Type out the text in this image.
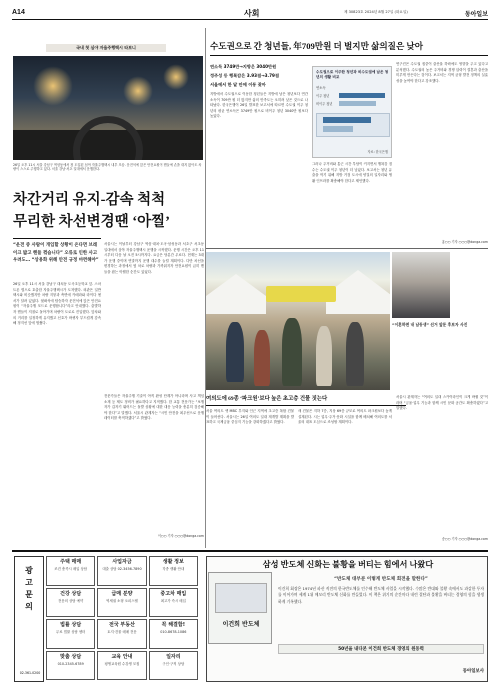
A14	사회	제 30823호 2024년 8월 27일 (화요일)	동아일보
국내 첫 심야 자율주행택시 타보니
26일 오후 11시 서울 강남구 역삼동에서 첫 도입된 심야 자율주행택시 내부 모습. 운전석에 앉은 안전요원이 핸들에 손을 대지 않아도 차량이 스스로 주행하고 있다. 서울 강남·서초 일대에서 운행한다.
차간거리 유지-감속 척척
무리한 차선변경땐 ‘아찔’
“운전 중 사람이 개입할 상황이 온다면 브레이크 밟고 핸들 꺾습니다” 오류로 인한 사고 우려도… “상용화 위해 안전 규정 마련해야”
26일 오후 11시 서울 강남구 대치동 도곡초등학교 앞. 스마트폰 앱으로 호출한 자율주행택시가 도착했다. 외관은 일반 택시와 비슷했지만 차량 지붕과 측면에 카메라와 라이다 센서가 달려 있었다. 뒷좌석에 탑승하자 운전석에 앉은 안전요원이 “자율주행 모드로 운행합니다”라고 안내했다. 출발하자 핸들이 저절로 돌아가며 차량이 도로로 진입했다. 앞차와의 거리를 일정하게 유지했고 신호가 바뀌자 부드럽게 감속해 정지선 앞에 멈췄다.
서울시는 이날부터 강남구 역삼·대치·도곡·삼성동과 서초구 서초동 일대에서 심야 자율주행택시 운행을 시작했다. 운행 시간은 오후 11시부터 다음 날 오전 5시까지다. 요금은 당분간 무료다. 현재는 3대가 운행 중이며 연말까지 운행 대수를 늘릴 계획이다. 다만 차선을 변경하는 과정에서 옆 차로 차량과 가까워지자 안전요원이 급히 핸들을 잡는 아찔한 순간도 있었다.
전문가들은 자율주행 기술이 아직 완성 단계가 아니라며 사고 책임 소재 등 제도 정비가 필요하다고 지적했다. 한 교통 전문가는 “보행자가 갑자기 뛰어드는 돌발 상황에 대한 대응 능력을 충분히 검증해야 한다”고 말했다. 서울시 관계자는 “시민 안전을 최우선으로 운행 데이터를 축적하겠다”고 밝혔다.
이○○ 기자 ○○○@donga.com
수도권으로 간 청년들, 年709만원 더 벌지만 삶의질은 낮아
연소득 3749만→지방은 3040만원
정주성 등 행복감은 3.93점→3.79점
서울에서 한 달 안에 이동 잦아
지방에서 수도권으로 이동한 청년들은 지방에 남은 청년보다 연간 소득이 709만 원 더 많지만 삶의 만족도는 오히려 낮은 것으로 나타났다. 한국은행이 26일 발표한 보고서에 따르면 수도권 이주 청년의 평균 연소득은 3749만 원으로 비이주 청년 3040만 원보다 높았다.
수도권으로 이주한 청년과 비수도권에 남은 청년의 생활 비교
연소득
이주 청년
비이주 청년
자료: 한국은행
그러나 주거비와 통근 시간 부담이 커지면서 행복감 점수는 수도권 이주 청년이 더 낮았다. 보고서는 청년 유출을 막기 위해 지방 거점 도시에 양질의 일자리와 생활 인프라를 확충해야 한다고 제언했다.
연구진은 수도권 집중이 출산율 하락에도 영향을 주고 있다고 분석했다. 수도권의 높은 주거비와 경쟁 압력이 결혼과 출산을 미루게 만든다는 것이다. 보고서는 지역 균형 발전 정책의 실효성을 높여야 한다고 강조했다.
홍○○ 기자 ○○○@donga.com
“이혼하면 내 남동생” 선거 앞둔 후보자 사진
여의도에 69종 ‘파크원’보다 높은 초고층 건물 짓는다
서울 여의도 옛 MBC 부지와 인근 지역에 초고층 복합 건물이 들어선다. 서울시는 26일 여의도 일대 재개발 계획을 발표하고 국제금융 중심지 기능을 강화하겠다고 밝혔다.
새 건물은 지하 7층, 지상 69층 규모로 여의도 파크원보다 높게 설계된다. 시는 업무·주거·문화 시설을 함께 배치해 여의도를 서울의 대표 도심으로 조성할 계획이다.
서울시 관계자는 “여의도 일대 스카이라인이 크게 바뀔 것”이라며 “금융·업무 기능과 함께 시민 문화 공간도 확충하겠다”고 말했다.
송○○ 기자 ○○○@donga.com
광고 문의
02-361-0200
주택 매매
조건 충족시 매입 상담
사업자금
대출 상담 02-3456-7890
생활 정보
각종 생활 안내
건강 상담
전문의 상담 예약
급매 분양
역세권 소형 오피스텔
중고차 매입
최고가 즉시 매입
법률 상담
무료 법률 상담 센터
전국 부동산
토지·건물 매매 전문
꼭 해결함!
010-8678-1086
맞춤 상담
010-2345-6789
교육 안내
평생교육원 수강생 모집
일자리
구인·구직 상담
삼성 반도체 신화는 불황을 버티는 힘에서 나왔다
이건희 반도체
“반도체 대부분 이렇게 반도체 회전을 말한다”
이건희 회장은 1974년 파산 직전의 한국반도체를 인수해 반도체 사업을 시작했다. 수많은 반대와 불황 속에서도 과감한 투자를 이어가며 세계 1위 메모리 반도체 신화를 만들었다. 이 책은 위기의 순간마다 내린 결단과 불황을 버티는 경영의 힘을 생생하게 기록했다.
50년을 내다본 이건희 반도체 경영의 원동력
동아일보사
